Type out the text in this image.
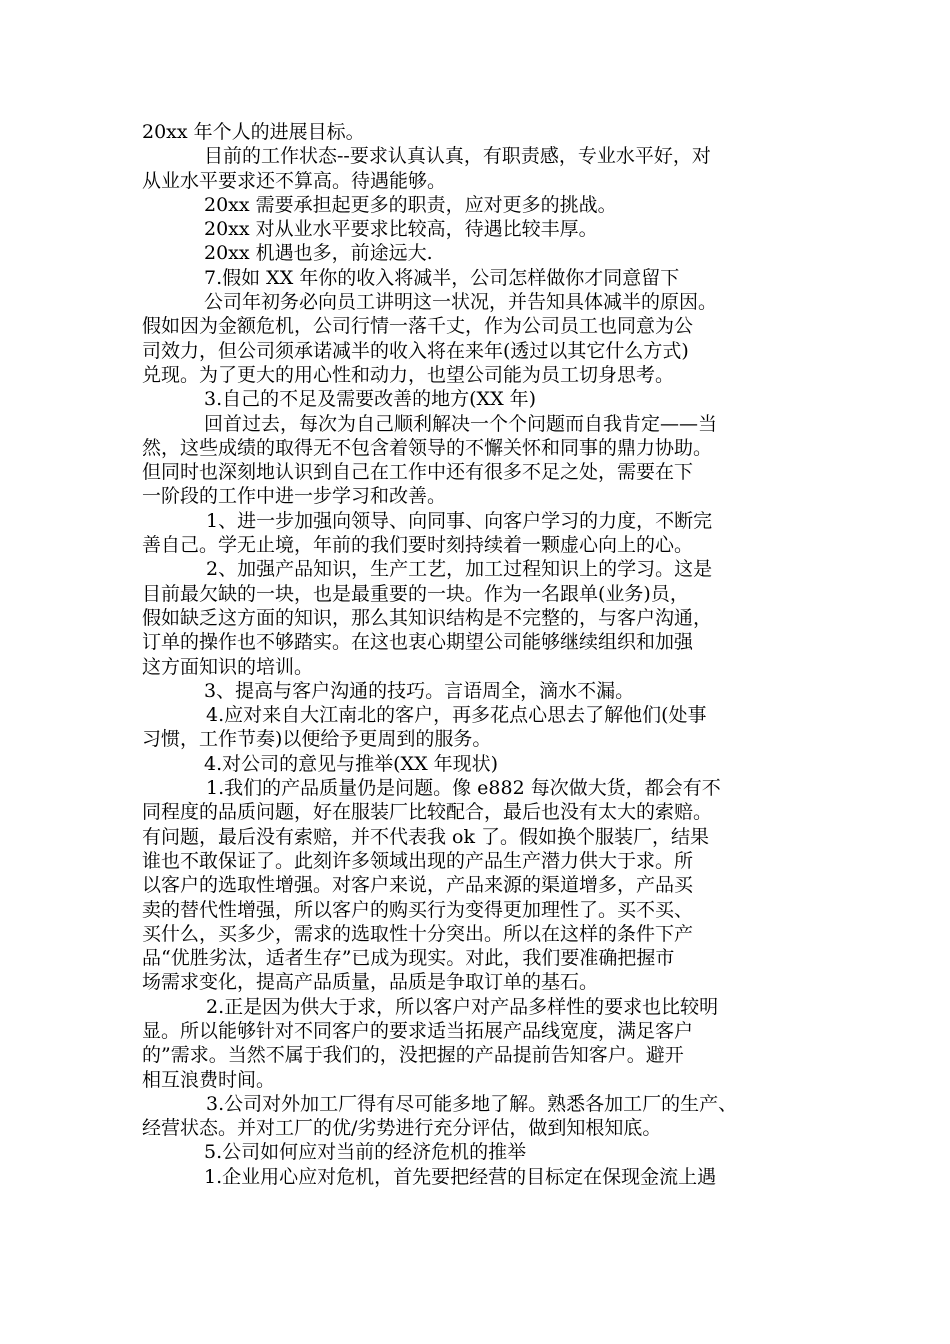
20xx 年个人的进展目标。
目前的工作状态--要求认真认真，有职责感，专业水平好，对
从业水平要求还不算高。待遇能够。
20xx 需要承担起更多的职责，应对更多的挑战。
20xx 对从业水平要求比较高，待遇比较丰厚。
20xx 机遇也多，前途远大.
7.假如 XX 年你的收入将减半，公司怎样做你才同意留下
公司年初务必向员工讲明这一状况，并告知具体减半的原因。
假如因为金额危机，公司行情一落千丈，作为公司员工也同意为公
司效力，但公司须承诺减半的收入将在来年(透过以其它什么方式)
兑现。为了更大的用心性和动力，也望公司能为员工切身思考。
3.自己的不足及需要改善的地方(XX 年)
回首过去，每次为自己顺利解决一个个问题而自我肯定——当
然，这些成绩的取得无不包含着领导的不懈关怀和同事的鼎力协助。
但同时也深刻地认识到自己在工作中还有很多不足之处，需要在下
一阶段的工作中进一步学习和改善。
1、进一步加强向领导、向同事、向客户学习的力度，不断完
善自己。学无止境，年前的我们要时刻持续着一颗虚心向上的心。
2、加强产品知识，生产工艺，加工过程知识上的学习。这是
目前最欠缺的一块，也是最重要的一块。作为一名跟单(业务)员，
假如缺乏这方面的知识，那么其知识结构是不完整的，与客户沟通，
订单的操作也不够踏实。在这也衷心期望公司能够继续组织和加强
这方面知识的培训。
3、提高与客户沟通的技巧。言语周全，滴水不漏。
4.应对来自大江南北的客户，再多花点心思去了解他们(处事
习惯，工作节奏)以便给予更周到的服务。
4.对公司的意见与推举(XX 年现状)
1.我们的产品质量仍是问题。像 e882 每次做大货，都会有不
同程度的品质问题，好在服装厂比较配合，最后也没有太大的索赔。
有问题，最后没有索赔，并不代表我 ok 了。假如换个服装厂，结果
谁也不敢保证了。此刻许多领域出现的产品生产潜力供大于求。所
以客户的选取性增强。对客户来说，产品来源的渠道增多，产品买
卖的替代性增强，所以客户的购买行为变得更加理性了。买不买、
买什么，买多少，需求的选取性十分突出。所以在这样的条件下产
品“优胜劣汰，适者生存”已成为现实。对此，我们要准确把握市
场需求变化，提高产品质量，品质是争取订单的基石。
2.正是因为供大于求，所以客户对产品多样性的要求也比较明
显。所以能够针对不同客户的要求适当拓展产品线宽度，满足客户
的”需求。当然不属于我们的，没把握的产品提前告知客户。避开
相互浪费时间。
3.公司对外加工厂得有尽可能多地了解。熟悉各加工厂的生产、
经营状态。并对工厂的优/劣势进行充分评估，做到知根知底。
5.公司如何应对当前的经济危机的推举
1.企业用心应对危机，首先要把经营的目标定在保现金流上遇
